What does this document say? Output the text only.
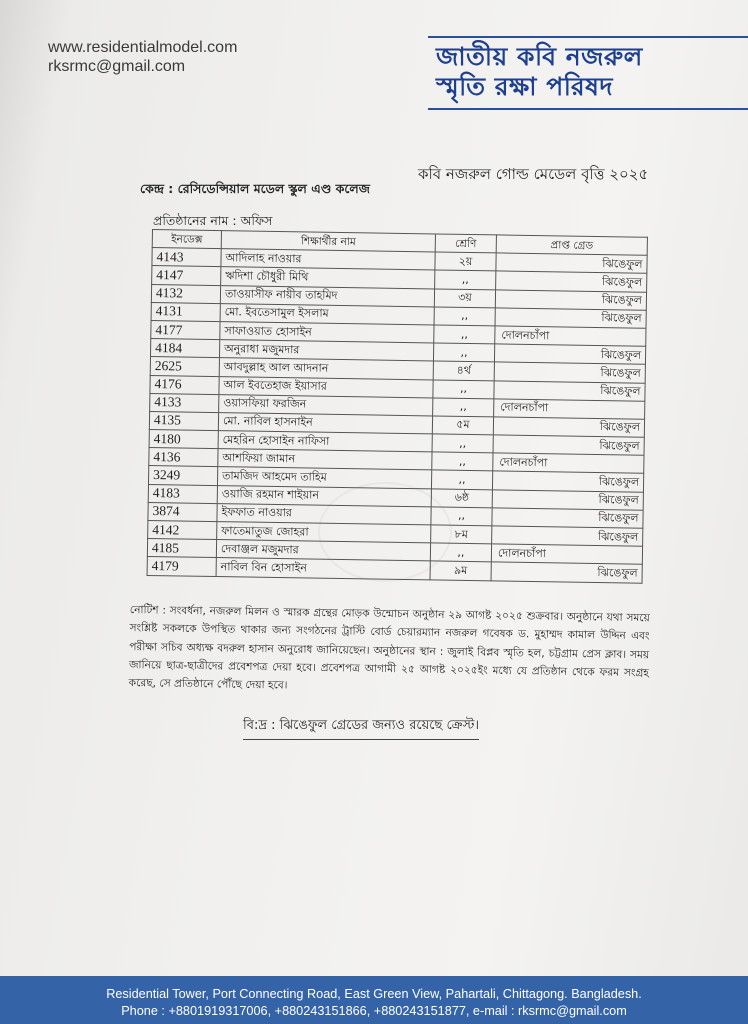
www.residentialmodel.com
rksrmc@gmail.com	জাতীয় কবি নজরুল
স্মৃতি রক্ষা পরিষদ
কবি নজরুল গোল্ড মেডেল বৃত্তি ২০২৫
কেন্দ্র : রেসিডেন্সিয়াল মডেল স্কুল এণ্ড কলেজ
প্রতিষ্ঠানের নাম : অফিস
ইনডেক্স	শিক্ষার্থীর নাম	শ্রেণি	প্রাপ্ত গ্রেড
4143	আদিলাহ নাওয়ার	২য়	ঝিঙেফুল
4147	ঋদিশা চৌধুরী মিথি	,,	ঝিঙেফুল
4132	তাওয়াসীফ নায়ীব তাহমিদ	৩য়	ঝিঙেফুল
4131	মো. ইবতেসামুল ইসলাম	,,	ঝিঙেফুল
4177	সাফাওয়াত হোসাইন	,,	দোলনচাঁপা
4184	অনুরাধা মজুমদার	,,	ঝিঙেফুল
2625	আবদুল্লাহ আল আদনান	৪র্থ	ঝিঙেফুল
4176	আল ইবতেহাজ ইয়াসার	,,	ঝিঙেফুল
4133	ওয়াসফিয়া ফরজিন	,,	দোলনচাঁপা
4135	মো. নাবিল হাসনাইন	৫ম	ঝিঙেফুল
4180	মেহরিন হোসাইন নাফিসা	,,	ঝিঙেফুল
4136	আশফিয়া জামান	,,	দোলনচাঁপা
3249	তামজিদ আহমেদ তাহিম	,,	ঝিঙেফুল
4183	ওয়াজি রহমান শাইয়ান	৬ষ্ঠ	ঝিঙেফুল
3874	ইফফাত নাওয়ার	,,	ঝিঙেফুল
4142	ফাতেমাতুজ জোহরা	৮ম	ঝিঙেফুল
4185	দেবাঞ্জল মজুমদার	,,	দোলনচাঁপা
4179	নাবিল বিন হোসাইন	৯ম	ঝিঙেফুল
নোটিশ : সংবর্ধনা, নজরুল মিলন ও স্মারক গ্রন্থের মোড়ক উন্মোচন অনুষ্ঠান ২৯ আগষ্ট ২০২৫ শুক্রবার। অনুষ্ঠানে যথা সময়ে সংশ্লিষ্ট সকলকে উপস্থিত থাকার জন্য সংগঠনের ট্রাস্টি বোর্ড চেয়ারম্যান নজরুল গবেষক ড. মুহাম্মদ কামাল উদ্দিন এবং পরীক্ষা সচিব অধ্যক্ষ বদরুল হাসান অনুরোধ জানিয়েছেন। অনুষ্ঠানের স্থান : জুলাই বিপ্লব স্মৃতি হল, চট্টগ্রাম প্রেস ক্লাব। সময় জানিয়ে ছাত্র-ছাত্রীদের প্রবেশপত্র দেয়া হবে। প্রবেশপত্র আগামী ২৫ আগষ্ট ২০২৫ইং মধ্যে যে প্রতিষ্ঠান থেকে ফরম সংগ্রহ করেছ, সে প্রতিষ্ঠানে পৌঁছে দেয়া হবে।
বি:দ্র : ঝিঙেফুল গ্রেডের জন্যও রয়েছে ক্রেস্ট।
Residential Tower, Port Connecting Road, East Green View, Pahartali, Chittagong. Bangladesh.
Phone : +8801919317006, +880243151866, +880243151877, e-mail : rksrmc@gmail.com
